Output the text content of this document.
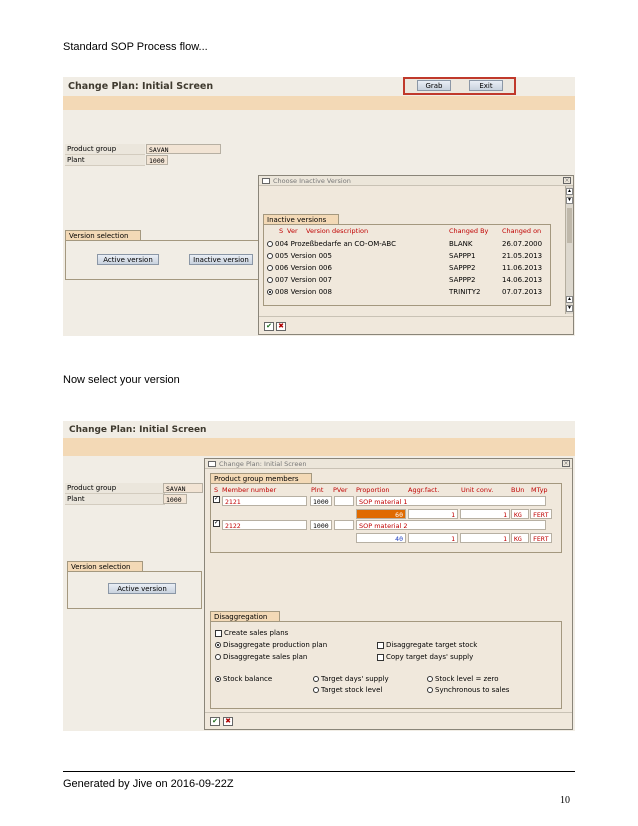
Standard SOP Process flow...
Change Plan: Initial Screen	Grab	Exit
Product group	SAVAN
Plant	1000
Version selection
Active version	Inactive version
Choose Inactive Version	×
Inactive versions
S Ver Version description	Changed By Changed on
004 Prozeßbedarfe an CO-OM-ABC	BLANK	26.07.2000
005 Version 005	SAPPP1	21.05.2013
006 Version 006	SAPPP2	11.06.2013
007 Version 007	SAPPP2	14.06.2013
008 Version 008	TRINITY2	07.07.2013
▲
▼
▲
▼
✔ ✖
Now select your version
Change Plan: Initial Screen
Product group	SAVAN
Plant	1000
Version selection
Active version
Change Plan: Initial Screen	×
Product group members
S Member number	Plnt PVer Proportion	Aggr.fact.	Unit conv.	BUn MTyp
✓ 2121	1000	SOP material 1
60	1	1	KG	FERT
✓ 2122	1000	SOP material 2
40	1	1	KG	FERT
Disaggregation
Create sales plans
Disaggregate production plan	Disaggregate target stock
Disaggregate sales plan	Copy target days' supply
Stock balance	Target days' supply	Stock level = zero
Target stock level	Synchronous to sales
✔ ✖
Generated by Jive on 2016-09-22Z
10
